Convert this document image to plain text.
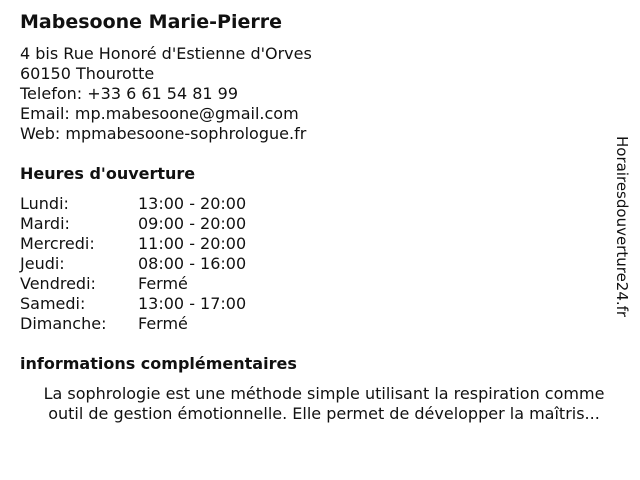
Mabesoone Marie-Pierre
4 bis Rue Honoré d'Estienne d'Orves
60150 Thourotte
Telefon: +33 6 61 54 81 99
Email: mp.mabesoone@gmail.com
Web: mpmabesoone-sophrologue.fr
Heures d'ouverture
Lundi:	13:00 - 20:00
Mardi:	09:00 - 20:00
Mercredi:	11:00 - 20:00
Jeudi:	08:00 - 16:00
Vendredi:	Fermé
Samedi:	13:00 - 17:00
Dimanche: Fermé
informations complémentaires
La sophrologie est une méthode simple utilisant la respiration comme
outil de gestion émotionnelle. Elle permet de développer la maîtris...
Horairesdouverture24.fr
